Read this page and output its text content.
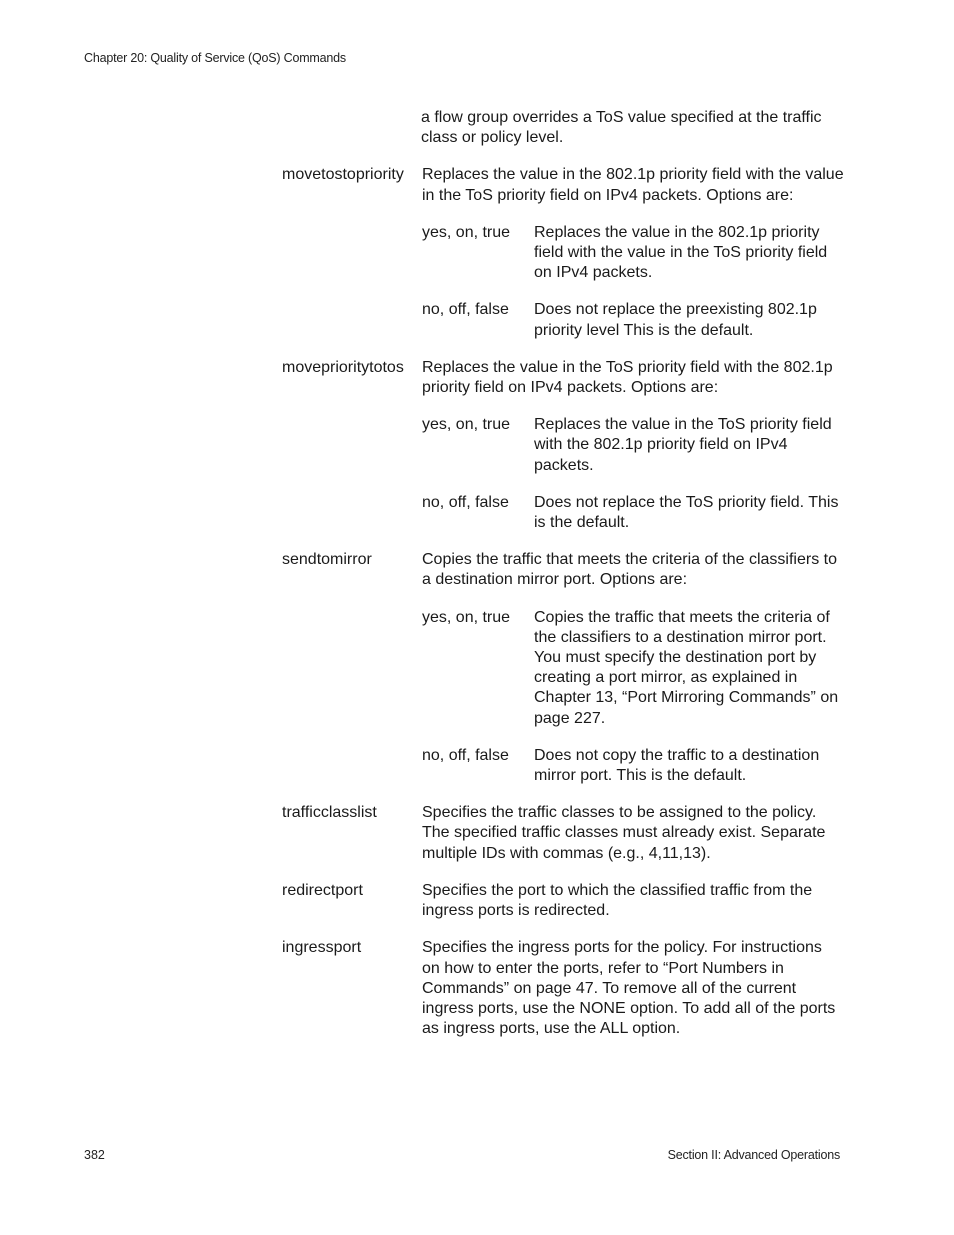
Chapter 20: Quality of Service (QoS) Commands
a flow group overrides a ToS value specified at the traffic class or policy level.
movetostopriority	Replaces the value in the 802.1p priority field with the value in the ToS priority field on IPv4 packets. Options are:
yes, on, true	Replaces the value in the 802.1p priority field with the value in the ToS priority field on IPv4 packets.
no, off, false	Does not replace the preexisting 802.1p priority level This is the default.
moveprioritytotos	Replaces the value in the ToS priority field with the 802.1p priority field on IPv4 packets. Options are:
yes, on, true	Replaces the value in the ToS priority field with the 802.1p priority field on IPv4 packets.
no, off, false	Does not replace the ToS priority field. This is the default.
sendtomirror	Copies the traffic that meets the criteria of the classifiers to a destination mirror port. Options are:
yes, on, true	Copies the traffic that meets the criteria of the classifiers to a destination mirror port. You must specify the destination port by creating a port mirror, as explained in Chapter 13, “Port Mirroring Commands” on page 227.
no, off, false	Does not copy the traffic to a destination mirror port. This is the default.
trafficclasslist	Specifies the traffic classes to be assigned to the policy. The specified traffic classes must already exist. Separate multiple IDs with commas (e.g., 4,11,13).
redirectport	Specifies the port to which the classified traffic from the ingress ports is redirected.
ingressport	Specifies the ingress ports for the policy. For instructions on how to enter the ports, refer to “Port Numbers in Commands” on page 47. To remove all of the current ingress ports, use the NONE option. To add all of the ports as ingress ports, use the ALL option.
382	Section II: Advanced Operations
